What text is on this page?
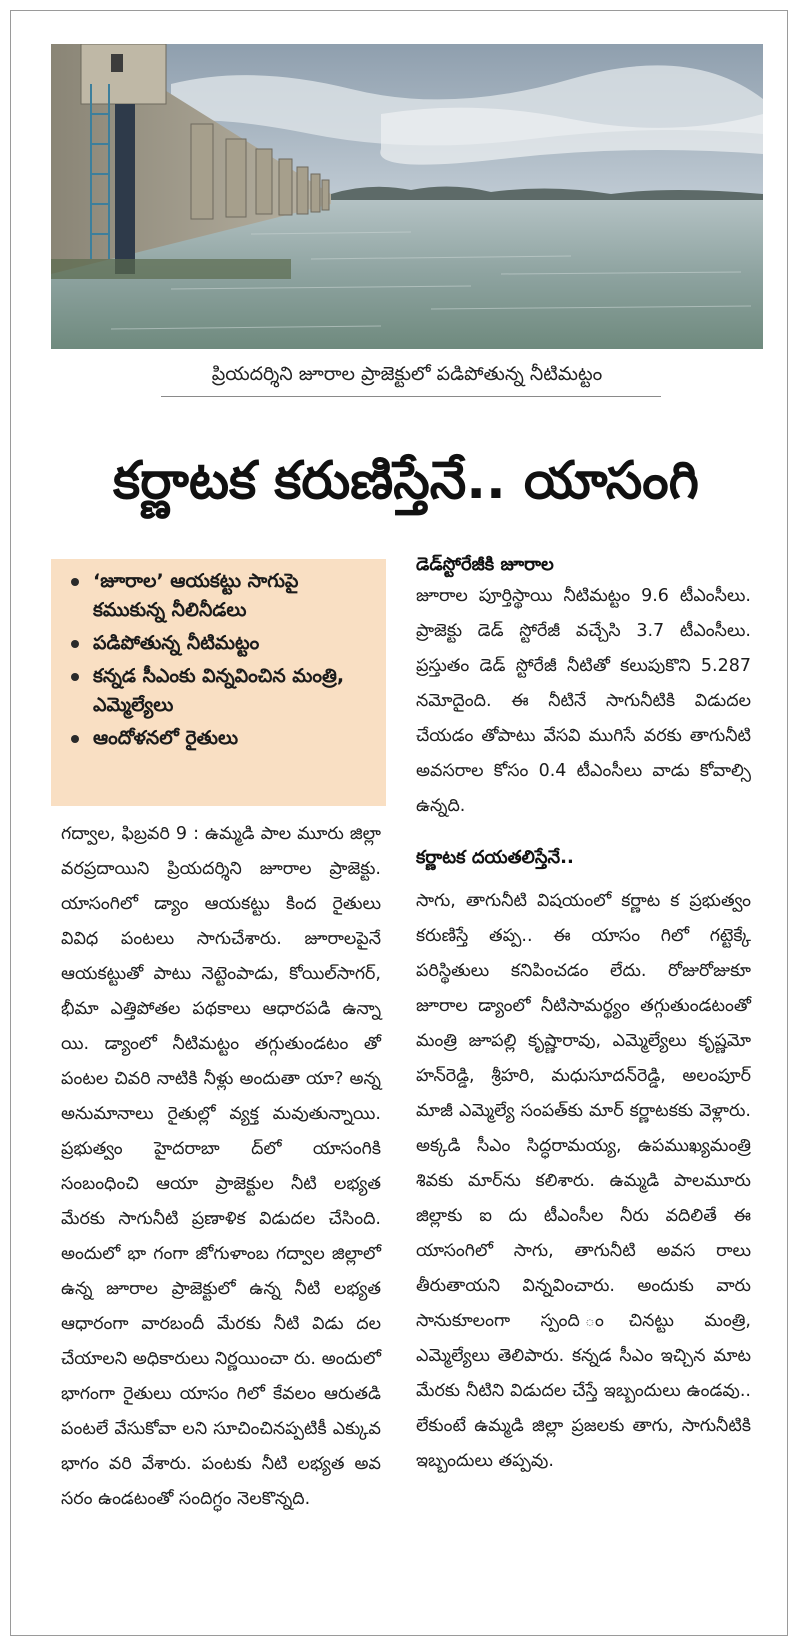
ప్రియదర్శిని జూరాల ప్రాజెక్టులో పడిపోతున్న నీటిమట్టం
కర్ణాటక కరుణిస్తేనే.. యాసంగి
‘జూరాల’ ఆయకట్టు సాగుపై కముకున్న నీలినీడలు
పడిపోతున్న నీటిమట్టం
కన్నడ సీఎంకు విన్నవించిన మంత్రి, ఎమ్మెల్యేలు
ఆందోళనలో రైతులు

గద్వాల, ఫిబ్రవరి 9 : ఉమ్మడి పాల మూరు జిల్లా వరప్రదాయిని ప్రియదర్శిని జూరాల ప్రాజెక్టు. యాసంగిలో డ్యాం ఆయకట్టు కింద రైతులు వివిధ పంటలు సాగుచేశారు. జూరాలపైనే ఆయకట్టుతో పాటు నెట్టెంపాడు, కోయిల్‌సాగర్‌, భీమా ఎత్తిపోతల పథకాలు ఆధారపడి ఉన్నా యి. డ్యాంలో నీటిమట్టం తగ్గుతుండటం తో పంటల చివరి నాటికి నీళ్లు అందుతా యా? అన్న అనుమానాలు రైతుల్లో వ్యక్త మవుతున్నాయి. ప్రభుత్వం హైదరాబా ద్‌లో యాసంగికి సంబంధించి ఆయా ప్రాజెక్టుల నీటి లభ్యత మేరకు సాగునీటి ప్రణాళిక విడుదల చేసింది. అందులో భా గంగా జోగుళాంబ గద్వాల జిల్లాలో ఉన్న జూరాల ప్రాజెక్టులో ఉన్న నీటి లభ్యత ఆధారంగా వారబందీ మేరకు నీటి విడు దల చేయాలని అధికారులు నిర్ణయించా రు. అందులో భాగంగా రైతులు యాసం గిలో కేవలం ఆరుతడి పంటలే వేసుకోవా లని సూచించినప్పటికీ ఎక్కువ భాగం వరి వేశారు. పంటకు నీటి లభ్యత అవ సరం ఉండటంతో సందిగ్ధం నెలకొన్నది.

డెడ్‌స్టోరేజీకి జూరాల

జూరాల పూర్తిస్థాయి నీటిమట్టం 9.6 టీఎంసీలు. ప్రాజెక్టు డెడ్ స్టోరేజీ వచ్చేసి 3.7 టీఎంసీలు. ప్రస్తుతం డెడ్ స్టోరేజీ నీటితో కలుపుకొని 5.287 నమోదైంది. ఈ నీటినే సాగునీటికి విడుదల చేయడం తోపాటు వేసవి ముగిసే వరకు తాగునీటి అవసరాల కోసం 0.4 టీఎంసీలు వాడు కోవాల్సి ఉన్నది.

కర్ణాటక దయతలిస్తేనే..

సాగు, తాగునీటి విషయంలో కర్ణాట క ప్రభుత్వం కరుణిస్తే తప్ప.. ఈ యాసం గిలో గట్టెక్కే పరిస్థితులు కనిపించడం లేదు. రోజురోజుకూ జూరాల డ్యాంలో నీటిసామర్థ్యం తగ్గుతుండటంతో మంత్రి జూపల్లి కృష్ణారావు, ఎమ్మెల్యేలు కృష్ణమో హన్‌రెడ్డి, శ్రీహరి, మధుసూదన్‌రెడ్డి, అలంపూర్ మాజీ ఎమ్మెల్యే సంపత్‌కు మార్ కర్ణాటకకు వెళ్లారు. అక్కడి సీఎం సిద్ధరామయ్య, ఉపముఖ్యమంత్రి శివకు మార్‌ను కలిశారు. ఉమ్మడి పాలమూరు జిల్లాకు ఐ దు టీఎంసీల నీరు వదిలితే ఈ యాసంగిలో సాగు, తాగునీటి అవస రాలు తీరుతాయని విన్నవించారు. అందుకు వారు సానుకూలంగా స్పంది ంచినట్టు మంత్రి, ఎమ్మెల్యేలు తెలిపారు. కన్నడ సీఎం ఇచ్చిన మాట మేరకు నీటిని విడుదల చేస్తే ఇబ్బందులు ఉండవు.. లేకుంటే ఉమ్మడి జిల్లా ప్రజలకు తాగు, సాగునీటికి ఇబ్బందులు తప్పవు.
